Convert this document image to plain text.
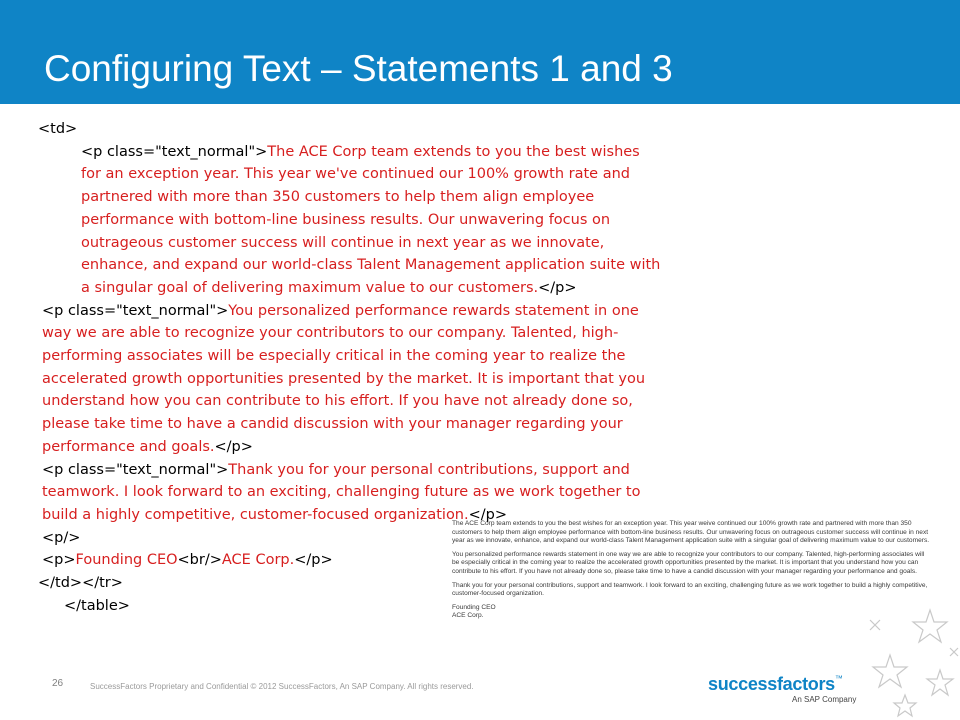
Configuring Text – Statements 1 and 3
<td>
<p class="text_normal">The ACE Corp team extends to you the best wishes for an exception year. This year we've continued our 100% growth rate and partnered with more than 350 customers to help them align employee performance with bottom-line business results. Our unwavering focus on outrageous customer success will continue in next year as we innovate, enhance, and expand our world-class Talent Management application suite with a singular goal of delivering maximum value to our customers.</p>
<p class="text_normal">You personalized performance rewards statement in one way we are able to recognize your contributors to our company. Talented, high-performing associates will be especially critical in the coming year to realize the accelerated growth opportunities presented by the market. It is important that you understand how you can contribute to his effort. If you have not already done so, please take time to have a candid discussion with your manager regarding your performance and goals.</p>
<p class="text_normal">Thank you for your personal contributions, support and teamwork. I look forward to an exciting, challenging future as we work together to build a highly competitive, customer-focused organization.</p>
<p/>
<p>Founding CEO<br/>ACE Corp.</p>
</td></tr>
</table>

The ACE Corp team extends to you the best wishes for an exception year. This year weive continued our 100% growth rate and partnered with more than 350 customers to help them align employee performance with bottom-line business results. Our unwavering focus on outrageous customer success will continue in next year as we innovate, enhance, and expand our world-class Talent Management application suite with a singular goal of delivering maximum value to our customers.

You personalized performance rewards statement in one way we are able to recognize your contributors to our company. Talented, high-performing associates will be especially critical in the coming year to realize the accelerated growth opportunities presented by the market. It is important that you understand how you can contribute to his effort. If you have not already done so, please take time to have a candid discussion with your manager regarding your performance and goals.

Thank you for your personal contributions, support and teamwork. I look forward to an exciting, challenging future as we work together to build a highly competitive, customer-focused organization.

Founding CEO
ACE Corp.
26	SuccessFactors Proprietary and Confidential © 2012 SuccessFactors, An SAP Company. All rights reserved.	successfactors™
An SAP Company
